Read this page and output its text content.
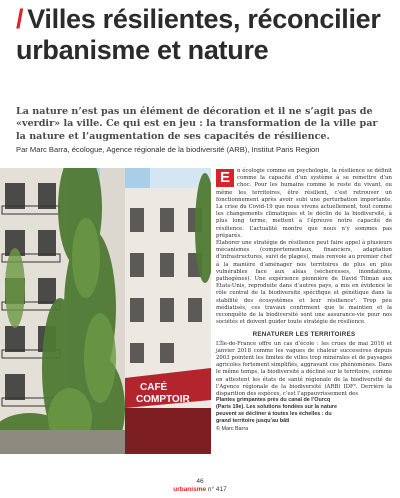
/ Villes résilientes, réconcilier urbanisme et nature
La nature n’est pas un élément de décoration et il ne s’agit pas de «verdir» la ville. Ce qui est en jeu : la transformation de la ville par la nature et l’augmentation de ses capacités de résilience.
Par Marc Barra, écologue, Agence régionale de la biodiversité (ARB), Institut Paris Region
CAFÉ
COMPTOIR

E	n écologie comme en psychologie, la résilience se définit comme la capacité d’un système à se remettre d’un choc. Pour les humains comme le reste du vivant, ou même les territoires, être résilient, c’est retrouver un fonctionnement après avoir subi une perturbation importante. La crise du Covid-19 que nous vivons actuellement, tout comme les changements climatiques et le déclin de la biodiversité, à plus long terme, mettent à l’épreuve notre capacité de résilience. L’actualité montre que nous n’y sommes pas préparés.

Élaborer une stratégie de résilience peut faire appel à plusieurs mécanismes (comportementaux, financiers, adaptation d’infrastructures, suivi de plages), mais renvoie au premier chef à la manière d’aménager nos territoires de plus en plus vulnérables face aux aléas (sécheresses, inondations, pathogènes). Une expérience pionnière de David Tilman aux États-Unis, reproduite dans d’autres pays, a mis en évidence le rôle central de la biodiversité spécifique et génétique dans la stabilité des écosystèmes et leur résilience¹. Trop peu médiatisés, ces travaux confirment que le maintien et la reconquête de la biodiversité sont une assurance-vie pour nos sociétés et doivent guider toute stratégie de résilience.

RENATURER LES TERRITOIRES

L’Île-de-France offre un cas d’école : les crues de mai 2016 et janvier 2018 comme les vagues de chaleur successives depuis 2003 pointent les limites de villes trop minérales et de paysages agricoles fortement simplifiés, aggravant ces phénomènes. Dans le même temps, la biodiversité a décliné sur le territoire, comme en attestent les états de santé régionale de la biodiversité de l’Agence régionale de la biodiversité (ARB) IDF². Derrière la disparition des espèces, c’est l’appauvrissement des

Plantes grimpantes près du canal de l’Ourcq (Paris 19e). Les solutions fondées sur la nature peuvent se décliner à toutes les échelles : du grand territoire jusqu’au bâti
© Marc Barra
46
urbanisme n° 417
